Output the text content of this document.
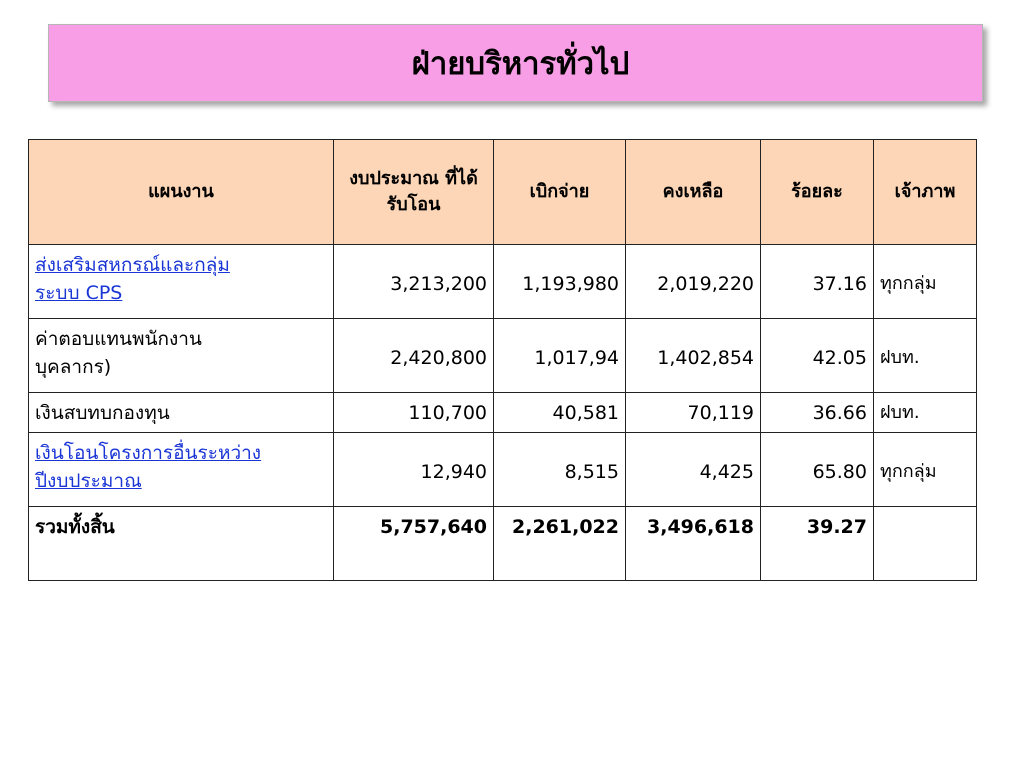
ฝ่ายบริหารทั่วไป
แผนงาน	งบประมาณ ที่ได้รับโอน	เบิกจ่าย	คงเหลือ	ร้อยละ	เจ้าภาพ
ส่งเสริมสหกรณ์และกลุ่ม
ระบบ CPS	3,213,200	1,193,980	2,019,220	37.16	ทุกกลุ่ม
ค่าตอบแทนพนักงาน
บุคลากร)	2,420,800	1,017,94	1,402,854	42.05	ฝบท.
เงินสบทบกองทุน	110,700	40,581	70,119	36.66	ฝบท.
เงินโอนโครงการอื่นระหว่าง
ปีงบประมาณ	12,940	8,515	4,425	65.80	ทุกกลุ่ม
รวมทั้งสิ้น	5,757,640	2,261,022	3,496,618	39.27	
